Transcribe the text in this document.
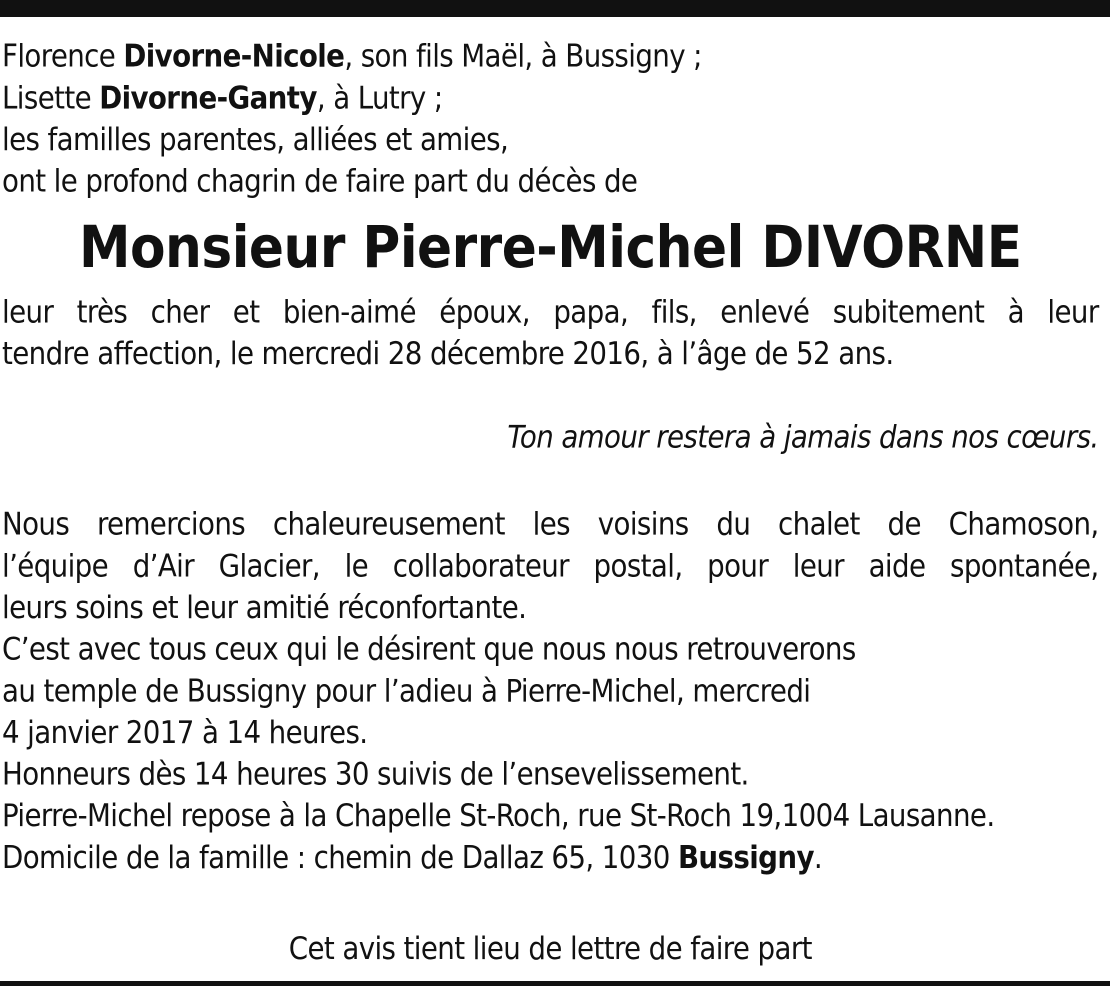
Florence Divorne-Nicole, son fils Maël, à Bussigny ;
Lisette Divorne-Ganty, à Lutry ;
les familles parentes, alliées et amies,
ont le profond chagrin de faire part du décès de
Monsieur Pierre-Michel DIVORNE
leur très cher et bien-aimé époux, papa, fils, enlevé subitement à leur
tendre affection, le mercredi 28 décembre 2016, à l’âge de 52 ans.
Ton amour restera à jamais dans nos cœurs.
Nous remercions chaleureusement les voisins du chalet de Chamoson,
l’équipe d’Air Glacier, le collaborateur postal, pour leur aide spontanée,
leurs soins et leur amitié réconfortante.
C’est avec tous ceux qui le désirent que nous nous retrouverons
au temple de Bussigny pour l’adieu à Pierre-Michel, mercredi
4 janvier 2017 à 14 heures.
Honneurs dès 14 heures 30 suivis de l’ensevelissement.
Pierre-Michel repose à la Chapelle St-Roch, rue St-Roch 19,1004 Lausanne.
Domicile de la famille : chemin de Dallaz 65, 1030 Bussigny.
Cet avis tient lieu de lettre de faire part
